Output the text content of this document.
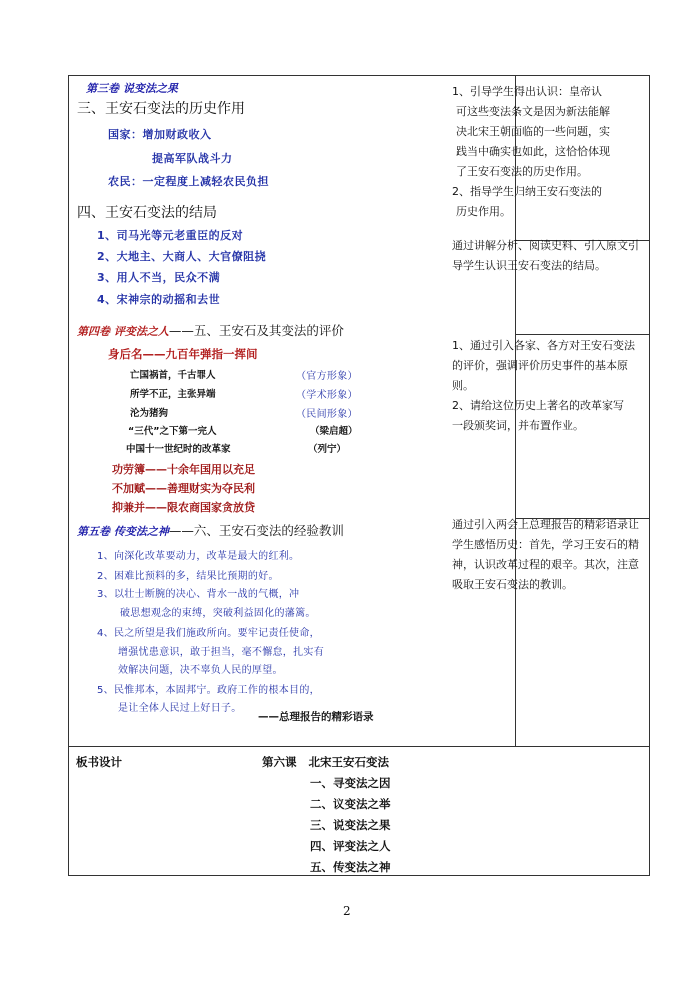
第三卷 说变法之果
三、王安石变法的历史作用
国家：增加财政收入
提高军队战斗力
农民：一定程度上减轻农民负担
四、王安石变法的结局
1、司马光等元老重臣的反对
2、大地主、大商人、大官僚阻挠
3、用人不当，民众不满
4、宋神宗的动摇和去世
第四卷 评变法之人——五、王安石及其变法的评价
身后名——九百年弹指一挥间
亡国祸首，千古罪人	（官方形象）
所学不正，主张异端	（学术形象）
沦为猪狗	（民间形象）
“三代”之下第一完人	（梁启超）
中国十一世纪时的改革家	（列宁）
功劳簿——十余年国用以充足
不加赋——善理财实为夺民利
抑兼并——限农商国家贪放贷
第五卷 传变法之神——六、王安石变法的经验教训
1、向深化改革要动力，改革是最大的红利。
2、困难比预料的多，结果比预期的好。
3、以壮士断腕的决心、背水一战的气概，冲
破思想观念的束缚，突破利益固化的藩篱。
4、民之所望是我们施政所向。要牢记责任使命，
增强忧患意识，敢于担当，毫不懈怠，扎实有
效解决问题，决不辜负人民的厚望。
5、民惟邦本，本固邦宁。政府工作的根本目的，
是让全体人民过上好日子。
——总理报告的精彩语录
1、引导学生得出认识：皇帝认
可这些变法条文是因为新法能解
决北宋王朝面临的一些问题，实
践当中确实也如此，这恰恰体现
了王安石变法的历史作用。
2、指导学生归纳王安石变法的
历史作用。
通过讲解分析、阅读史料、引入原文引
导学生认识王安石变法的结局。
1、通过引入各家、各方对王安石变法
的评价，强调评价历史事件的基本原
则。
2、请给这位历史上著名的改革家写
一段颁奖词，并布置作业。
通过引入两会上总理报告的精彩语录让
学生感悟历史：首先，学习王安石的精
神，认识改革过程的艰辛。其次，注意
吸取王安石变法的教训。
板书设计	第六课   北宋王安石变法
一、寻变法之因
二、议变法之举
三、说变法之果
四、评变法之人
五、传变法之神
2
